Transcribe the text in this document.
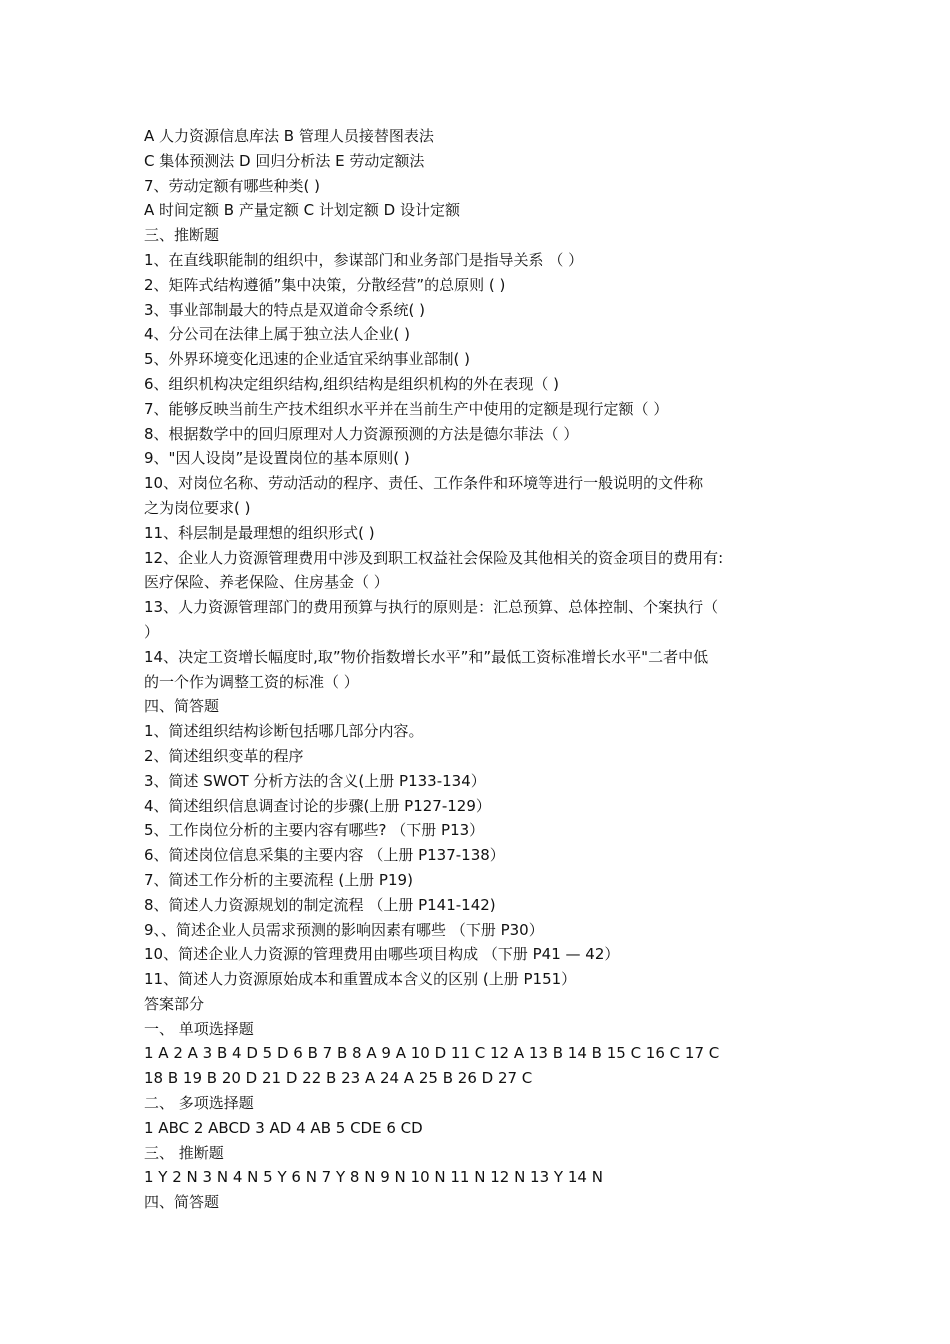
A 人力资源信息库法 B 管理人员接替图表法

C 集体预测法 D 回归分析法 E 劳动定额法

7、劳动定额有哪些种类( )

A 时间定额 B 产量定额 C 计划定额 D 设计定额

三、推断题

1、在直线职能制的组织中，参谋部门和业务部门是指导关系 （ ）

2、矩阵式结构遵循”集中决策，分散经营”的总原则 ( )

3、事业部制最大的特点是双道命令系统( )

4、分公司在法律上属于独立法人企业( )

5、外界环境变化迅速的企业适宜采纳事业部制( )

6、组织机构决定组织结构,组织结构是组织机构的外在表现（ )

7、能够反映当前生产技术组织水平并在当前生产中使用的定额是现行定额（ ）

8、根据数学中的回归原理对人力资源预测的方法是德尔菲法（ ）

9、"因人设岗”是设置岗位的基本原则( )

10、对岗位名称、劳动活动的程序、责任、工作条件和环境等进行一般说明的文件称

之为岗位要求( )

11、科层制是最理想的组织形式( )

12、企业人力资源管理费用中涉及到职工权益社会保险及其他相关的资金项目的费用有:

医疗保险、养老保险、住房基金（ ）

13、人力资源管理部门的费用预算与执行的原则是：汇总预算、总体控制、个案执行（

）

14、决定工资增长幅度时,取”物价指数增长水平”和”最低工资标准增长水平"二者中低

的一个作为调整工资的标准（ ）

四、简答题

1、简述组织结构诊断包括哪几部分内容。

2、简述组织变革的程序

3、简述 SWOT 分析方法的含义(上册 P133-134）

4、简述组织信息调查讨论的步骤(上册 P127-129）

5、工作岗位分析的主要内容有哪些? （下册 P13）

6、简述岗位信息采集的主要内容 （上册 P137-138）

7、简述工作分析的主要流程 (上册 P19)

8、简述人力资源规划的制定流程 （上册 P141-142)

9、、简述企业人员需求预测的影响因素有哪些 （下册 P30）

10、简述企业人力资源的管理费用由哪些项目构成 （下册 P41 — 42）

11、简述人力资源原始成本和重置成本含义的区别 (上册 P151）

答案部分

一、 单项选择题

1 A 2 A 3 B 4 D 5 D 6 B 7 B 8 A 9 A 10 D 11 C 12 A 13 B 14 B 15 C 16 C 17 C

18 B 19 B 20 D 21 D 22 B 23 A 24 A 25 B 26 D 27 C

二、 多项选择题

1 ABC 2 ABCD 3 AD 4 AB 5 CDE 6 CD

三、 推断题

1 Y 2 N 3 N 4 N 5 Y 6 N 7 Y 8 N 9 N 10 N 11 N 12 N 13 Y 14 N

四、简答题
